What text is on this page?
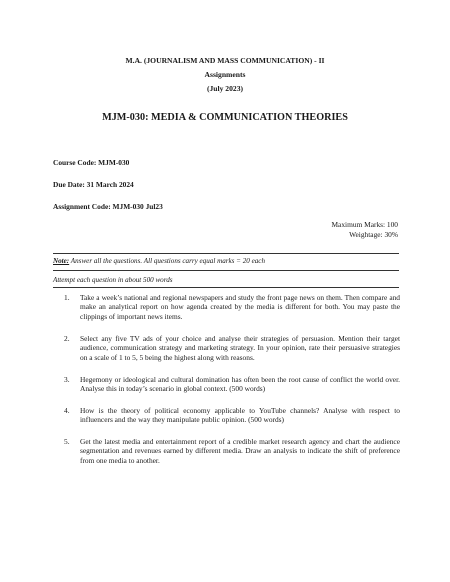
M.A. (JOURNALISM AND MASS COMMUNICATION) - II
Assignments
(July 2023)
MJM-030: MEDIA & COMMUNICATION THEORIES
Course Code: MJM-030
Due Date: 31 March 2024
Assignment Code: MJM-030 Jul23
Maximum Marks: 100
Weightage: 30%
Note: Answer all the questions. All questions carry equal marks = 20 each
Attempt each question in about 500 words
1.	Take a week’s national and regional newspapers and study the front page news on them. Then compare and make an analytical report on how agenda created by the media is different for both. You may paste the clippings of important news items.
2.	Select any five TV ads of your choice and analyse their strategies of persuasion. Mention their target audience, communication strategy and marketing strategy. In your opinion, rate their persuasive strategies on a scale of 1 to 5, 5 being the highest along with reasons.
3.	Hegemony or ideological and cultural domination has often been the root cause of conflict the world over. Analyse this in today’s scenario in global context. (500 words)
4.	How is the theory of political economy applicable to YouTube channels? Analyse with respect to influencers and the way they manipulate public opinion. (500 words)
5.	Get the latest media and entertainment report of a credible market research agency and chart the audience segmentation and revenues earned by different media. Draw an analysis to indicate the shift of preference from one media to another.
